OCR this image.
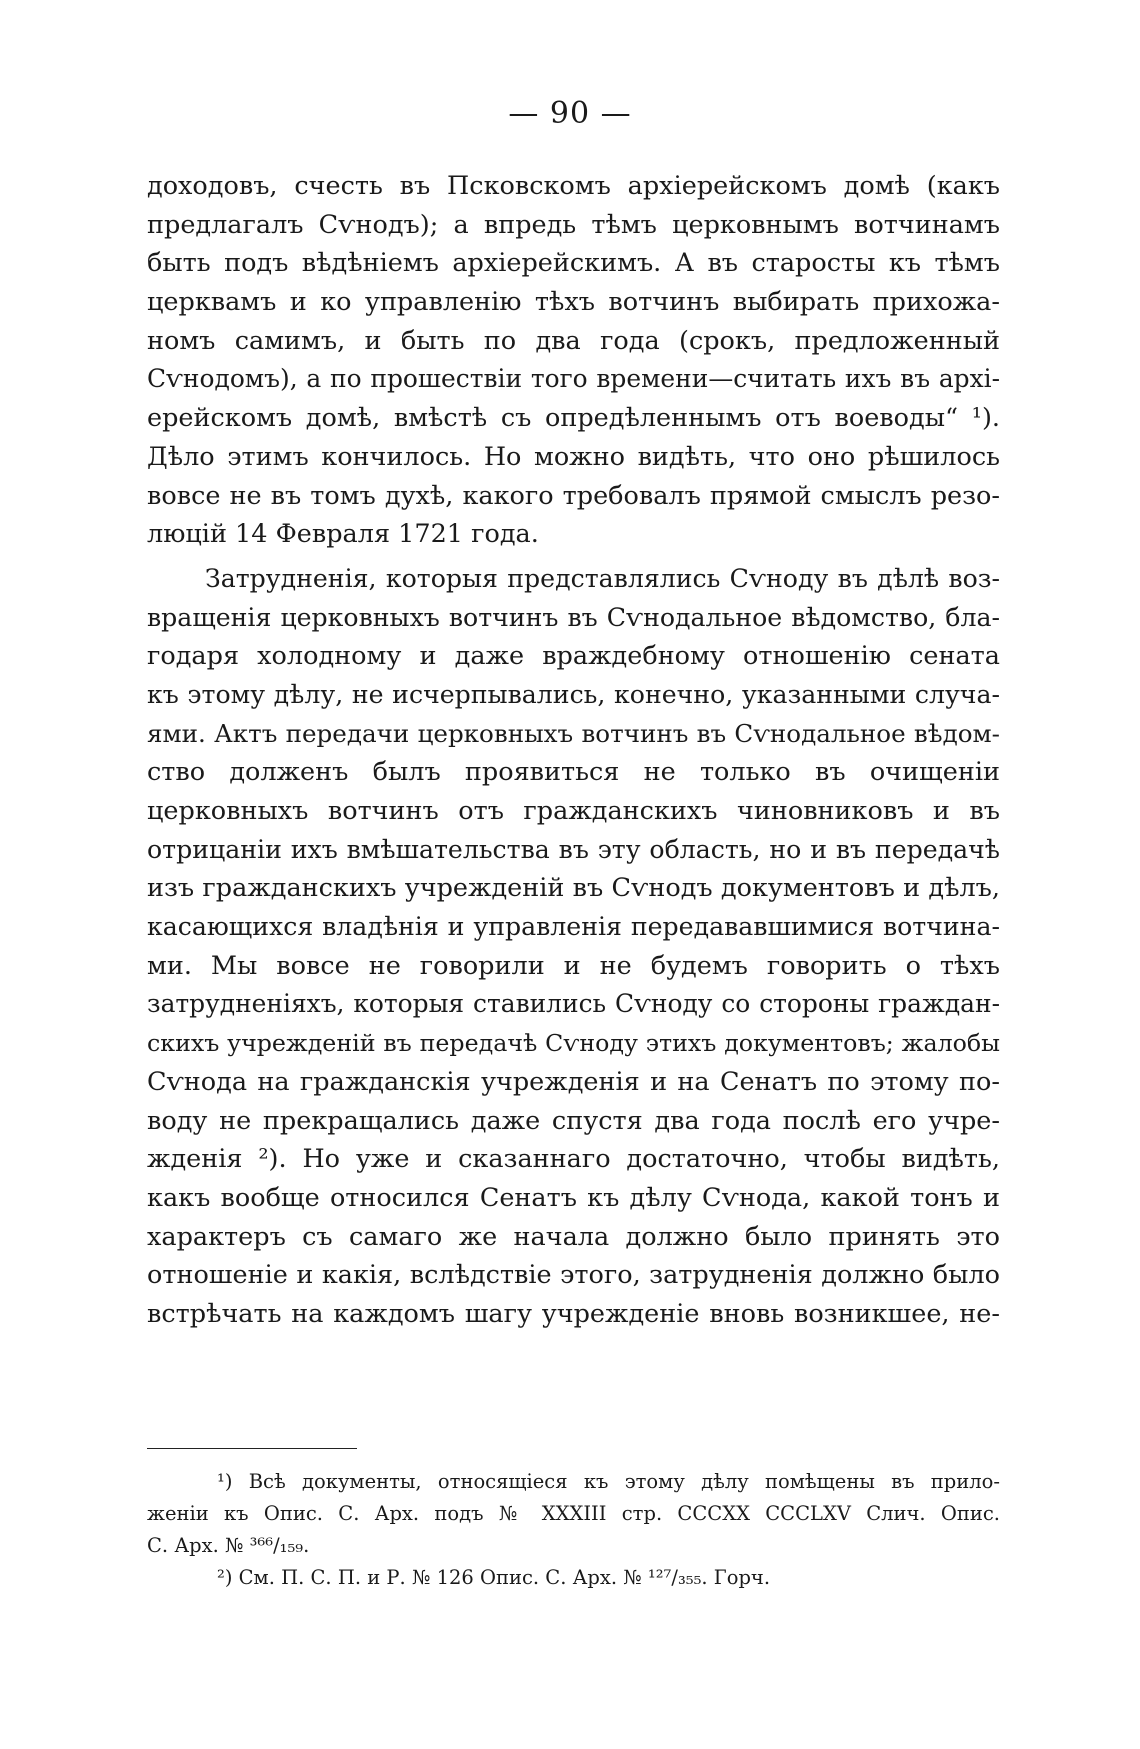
— 90 —
доходовъ, счесть въ Псковскомъ архіерейскомъ домѣ (какъ
предлагалъ Сѵнодъ); а впредь тѣмъ церковнымъ вотчинамъ
быть подъ вѣдѣніемъ архіерейскимъ. А въ старосты къ тѣмъ
церквамъ и ко управленію тѣхъ вотчинъ выбирать прихожа-
номъ самимъ, и быть по два года (срокъ, предложенный
Сѵнодомъ), а по прошествіи того времени—считать ихъ въ архі-
ерейскомъ домѣ, вмѣстѣ съ опредѣленнымъ отъ воеводы“ ¹).
Дѣло этимъ кончилось. Но можно видѣть, что оно рѣшилось
вовсе не въ томъ духѣ, какого требовалъ прямой смыслъ резо-
люцій 14 Февраля 1721 года.
Затрудненія, которыя представлялись Сѵноду въ дѣлѣ воз-
вращенія церковныхъ вотчинъ въ Сѵнодальное вѣдомство, бла-
годаря холодному и даже враждебному отношенію сената
къ этому дѣлу, не исчерпывались, конечно, указанными случа-
ями. Актъ передачи церковныхъ вотчинъ въ Сѵнодальное вѣдом-
ство долженъ былъ проявиться не только въ очищеніи
церковныхъ вотчинъ отъ гражданскихъ чиновниковъ и въ
отрицаніи ихъ вмѣшательства въ эту область, но и въ передачѣ
изъ гражданскихъ учрежденій въ Сѵнодъ документовъ и дѣлъ,
касающихся владѣнія и управленія передававшимися вотчина-
ми. Мы вовсе не говорили и не будемъ говорить о тѣхъ
затрудненіяхъ, которыя ставились Сѵноду со стороны граждан-
скихъ учрежденій въ передачѣ Сѵноду этихъ документовъ; жалобы
Сѵнода на гражданскія учрежденія и на Сенатъ по этому по-
воду не прекращались даже спустя два года послѣ его учре-
жденія ²). Но уже и сказаннаго достаточно, чтобы видѣть,
какъ вообще относился Сенатъ къ дѣлу Сѵнода, какой тонъ и
характеръ съ самаго же начала должно было принять это
отношеніе и какія, вслѣдствіе этого, затрудненія должно было
встрѣчать на каждомъ шагу учрежденіе вновь возникшее, не-
¹) Всѣ документы, относящіеся къ этому дѣлу помѣщены въ прило-
женіи къ Опис. С. Арх. подъ № XXXIII стр. CCCXX CCCLXV Слич. Опис.
С. Арх. № ³⁶⁶/₁₅₉.
²) См. П. С. П. и Р. № 126 Опис. С. Арх. № ¹²⁷/₃₅₅. Горч.
